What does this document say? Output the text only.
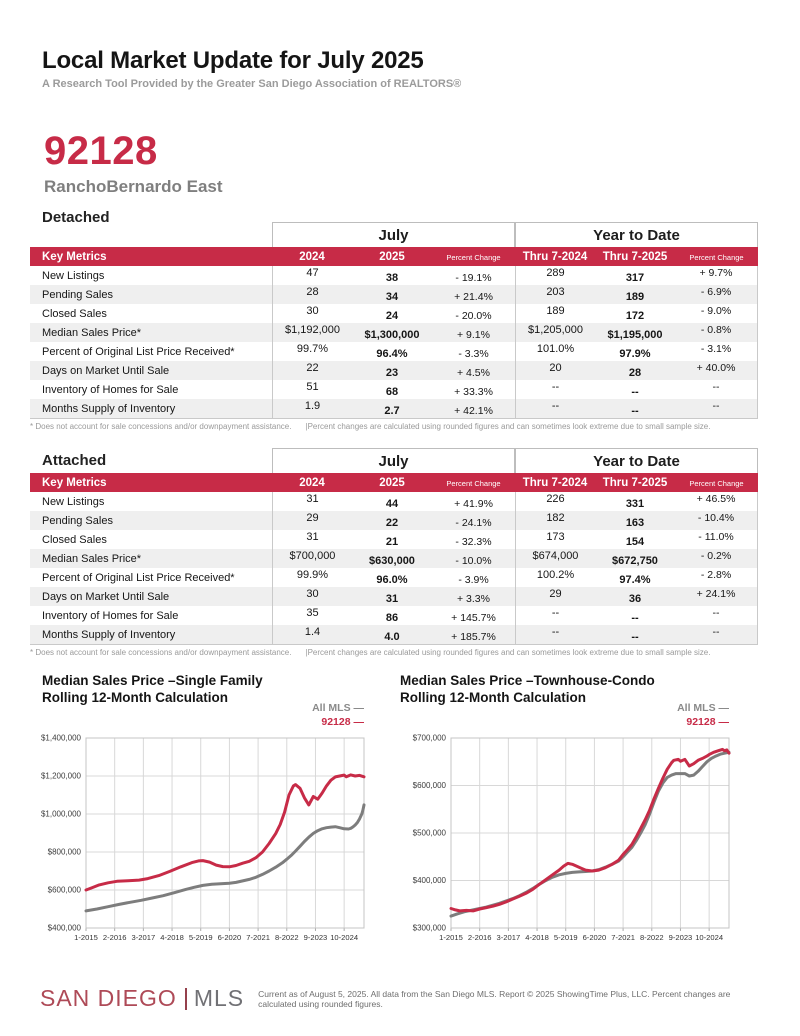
Local Market Update for July 2025
A Research Tool Provided by the Greater San Diego Association of REALTORS®
92128
RanchoBernardo East
Detached
July	Year to Date
Key Metrics	2024	2025	Percent Change	Thru 7-2024	Thru 7-2025	Percent Change
New Listings	47	38	- 19.1%	289	317	+ 9.7%
Pending Sales	28	34	+ 21.4%	203	189	- 6.9%
Closed Sales	30	24	- 20.0%	189	172	- 9.0%
Median Sales Price*	$1,192,000	$1,300,000	+ 9.1%	$1,205,000	$1,195,000	- 0.8%
Percent of Original List Price Received*	99.7%	96.4%	- 3.3%	101.0%	97.9%	- 3.1%
Days on Market Until Sale	22	23	+ 4.5%	20	28	+ 40.0%
Inventory of Homes for Sale	51	68	+ 33.3%	--	--	--
Months Supply of Inventory	1.9	2.7	+ 42.1%	--	--	--
* Does not account for sale concessions and/or downpayment assistance. |Percent changes are calculated using rounded figures and can sometimes look extreme due to small sample size.
Attached	July	Year to Date
Key Metrics	2024	2025	Percent Change	Thru 7-2024	Thru 7-2025	Percent Change
New Listings	31	44	+ 41.9%	226	331	+ 46.5%
Pending Sales	29	22	- 24.1%	182	163	- 10.4%
Closed Sales	31	21	- 32.3%	173	154	- 11.0%
Median Sales Price*	$700,000	$630,000	- 10.0%	$674,000	$672,750	- 0.2%
Percent of Original List Price Received*	99.9%	96.0%	- 3.9%	100.2%	97.4%	- 2.8%
Days on Market Until Sale	30	31	+ 3.3%	29	36	+ 24.1%
Inventory of Homes for Sale	35	86	+ 145.7%	--	--	--
Months Supply of Inventory	1.4	4.0	+ 185.7%	--	--	--
* Does not account for sale concessions and/or downpayment assistance. |Percent changes are calculated using rounded figures and can sometimes look extreme due to small sample size.
Median Sales Price –Single Family
Rolling 12-Month Calculation
All MLS —
92128 —
$400,000
$600,000
$800,000
$1,000,000
$1,200,000
$1,400,000
1-2015 2-2016 3-2017 4-2018 5-2019 6-2020 7-2021 8-2022 9-2023 10-2024
Median Sales Price –Townhouse-Condo
Rolling 12-Month Calculation
All MLS —
92128 —
$300,000
$400,000
$500,000
$600,000
$700,000
1-2015 2-2016 3-2017 4-2018 5-2019 6-2020 7-2021 8-2022 9-2023 10-2024
SAN DIEGO MLS Current as of August 5, 2025. All data from the San Diego MLS. Report © 2025 ShowingTime Plus, LLC. Percent changes are calculated using rounded figures.
